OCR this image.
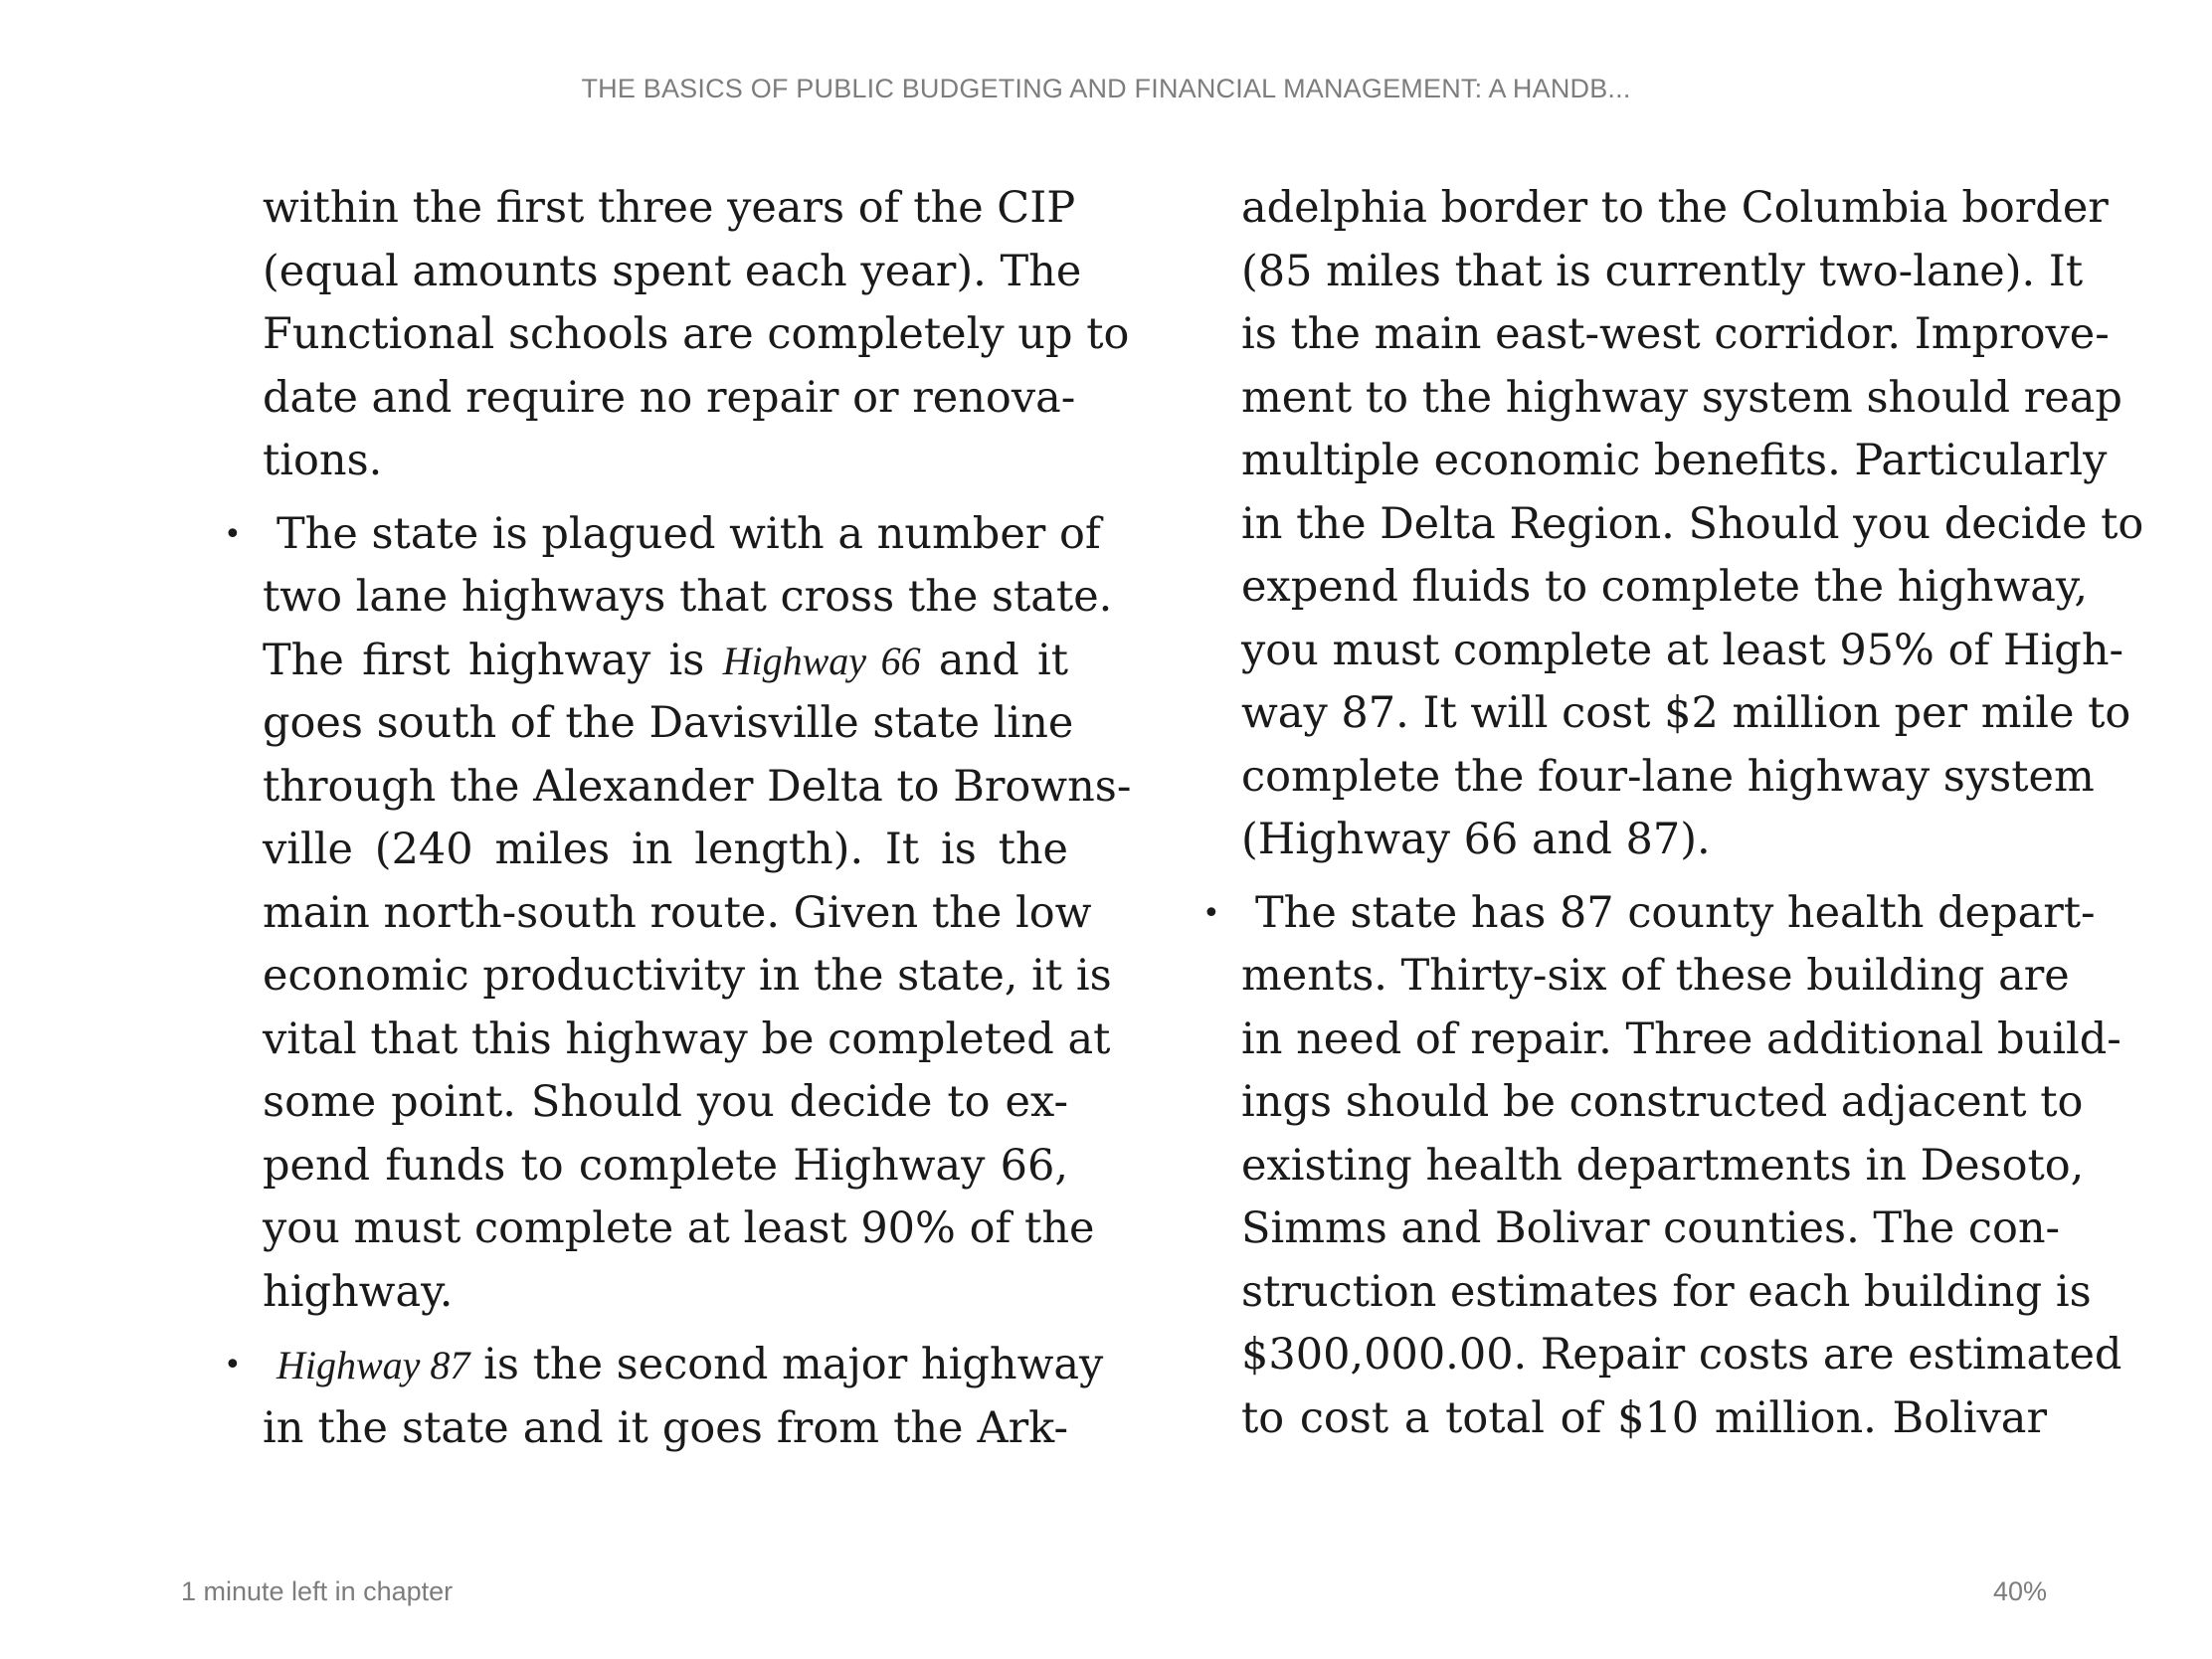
THE BASICS OF PUBLIC BUDGETING AND FINANCIAL MANAGEMENT: A HANDB...
within the first three years of the CIP
(equal amounts spent each year). The
Functional schools are completely up to
date and require no repair or renova-
tions.
• The state is plagued with a number of
two lane highways that cross the state.
The first highway is Highway 66 and it
goes south of the Davisville state line
through the Alexander Delta to Browns-
ville (240 miles in length). It is the
main north-south route. Given the low
economic productivity in the state, it is
vital that this highway be completed at
some point. Should you decide to ex-
pend funds to complete Highway 66,
you must complete at least 90% of the
highway.
• Highway 87 is the second major highway
in the state and it goes from the Ark-
adelphia border to the Columbia border
(85 miles that is currently two-lane). It
is the main east-west corridor. Improve-
ment to the highway system should reap
multiple economic benefits. Particularly
in the Delta Region. Should you decide to
expend fluids to complete the highway,
you must complete at least 95% of High-
way 87. It will cost $2 million per mile to
complete the four-lane highway system
(Highway 66 and 87).
• The state has 87 county health depart-
ments. Thirty-six of these building are
in need of repair. Three additional build-
ings should be constructed adjacent to
existing health departments in Desoto,
Simms and Bolivar counties. The con-
struction estimates for each building is
$300,000.00. Repair costs are estimated
to cost a total of $10 million. Bolivar
1 minute left in chapter	40%
